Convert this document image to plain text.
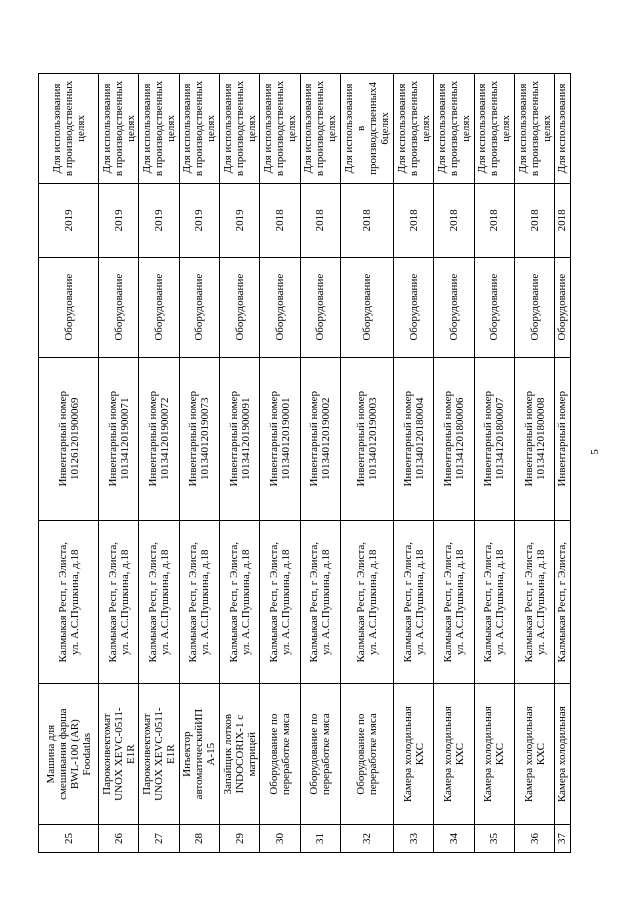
5
25	Машина для
смешивания фарша
BWL-100 (AR)
Foodatlas	Калмыкая Респ, г Элиста,
ул. А.С.Пушкина, д.18	Инвентарный номер
101261201900069	Оборудование	2019	Для использования
в производственных
целях
26	Пароконвектомат
UNOX XEVC-0511-
E1R	Калмыкая Респ, г Элиста,
ул. А.С.Пушкина, д.18	Инвентарный номер
101341201900071	Оборудование	2019	Для использования
в производственных
целях
27	Пароконвектомат
UNOX XEVC-0511-
E1R	Калмыкая Респ, г Элиста,
ул. А.С.Пушкина, д.18	Инвентарный номер
101341201900072	Оборудование	2019	Для использования
в производственных
целях
28	Инъектор
автоматическийИП
А-15	Калмыкая Респ, г Элиста,
ул. А.С.Пушкина, д.18	Инвентарный номер
101340120190073	Оборудование	2019	Для использования
в производственных
целях
29	Запайщик лотков
INDOCORIX-1 с
матрицей	Калмыкая Респ, г Элиста,
ул. А.С.Пушкина, д.18	Инвентарный номер
101341201900091	Оборудование	2019	Для использования
в производственных
целях
30	Оборудование по
переработке мяса	Калмыкая Респ, г Элиста,
ул. А.С.Пушкина, д.18	Инвентарный номер
101340120190001	Оборудование	2018	Для использования
в производственных
целях
31	Оборудование по
переработке мяса	Калмыкая Респ, г Элиста,
ул. А.С.Пушкина, д.18	Инвентарный номер
101340120190002	Оборудование	2018	Для использования
в производственных
целях
32	Оборудование по
переработке мяса	Калмыкая Респ, г Элиста,
ул. А.С.Пушкина, д.18	Инвентарный номер
101340120190003	Оборудование	2018	Для использования
в
производственных4
6целях
33	Камера холодильная
КХС	Калмыкая Респ, г Элиста,
ул. А.С.Пушкина, д.18	Инвентарный номер
101340120180004	Оборудование	2018	Для использования
в производственных
целях
34	Камера холодильная
КХС	Калмыкая Респ, г Элиста,
ул. А.С.Пушкина, д.18	Инвентарный номер
101341201800006	Оборудование	2018	Для использования
в производственных
целях
35	Камера холодильная
КХС	Калмыкая Респ, г Элиста,
ул. А.С.Пушкина, д.18	Инвентарный номер
101341201800007	Оборудование	2018	Для использования
в производственных
целях
36	Камера холодильная
КХС	Калмыкая Респ, г Элиста,
ул. А.С.Пушкина, д.18	Инвентарный номер
101341201800008	Оборудование	2018	Для использования
в производственных
целях
37	Камера холодильная	Калмыкая Респ, г Элиста,	Инвентарный номер	Оборудование	2018	Для использования
